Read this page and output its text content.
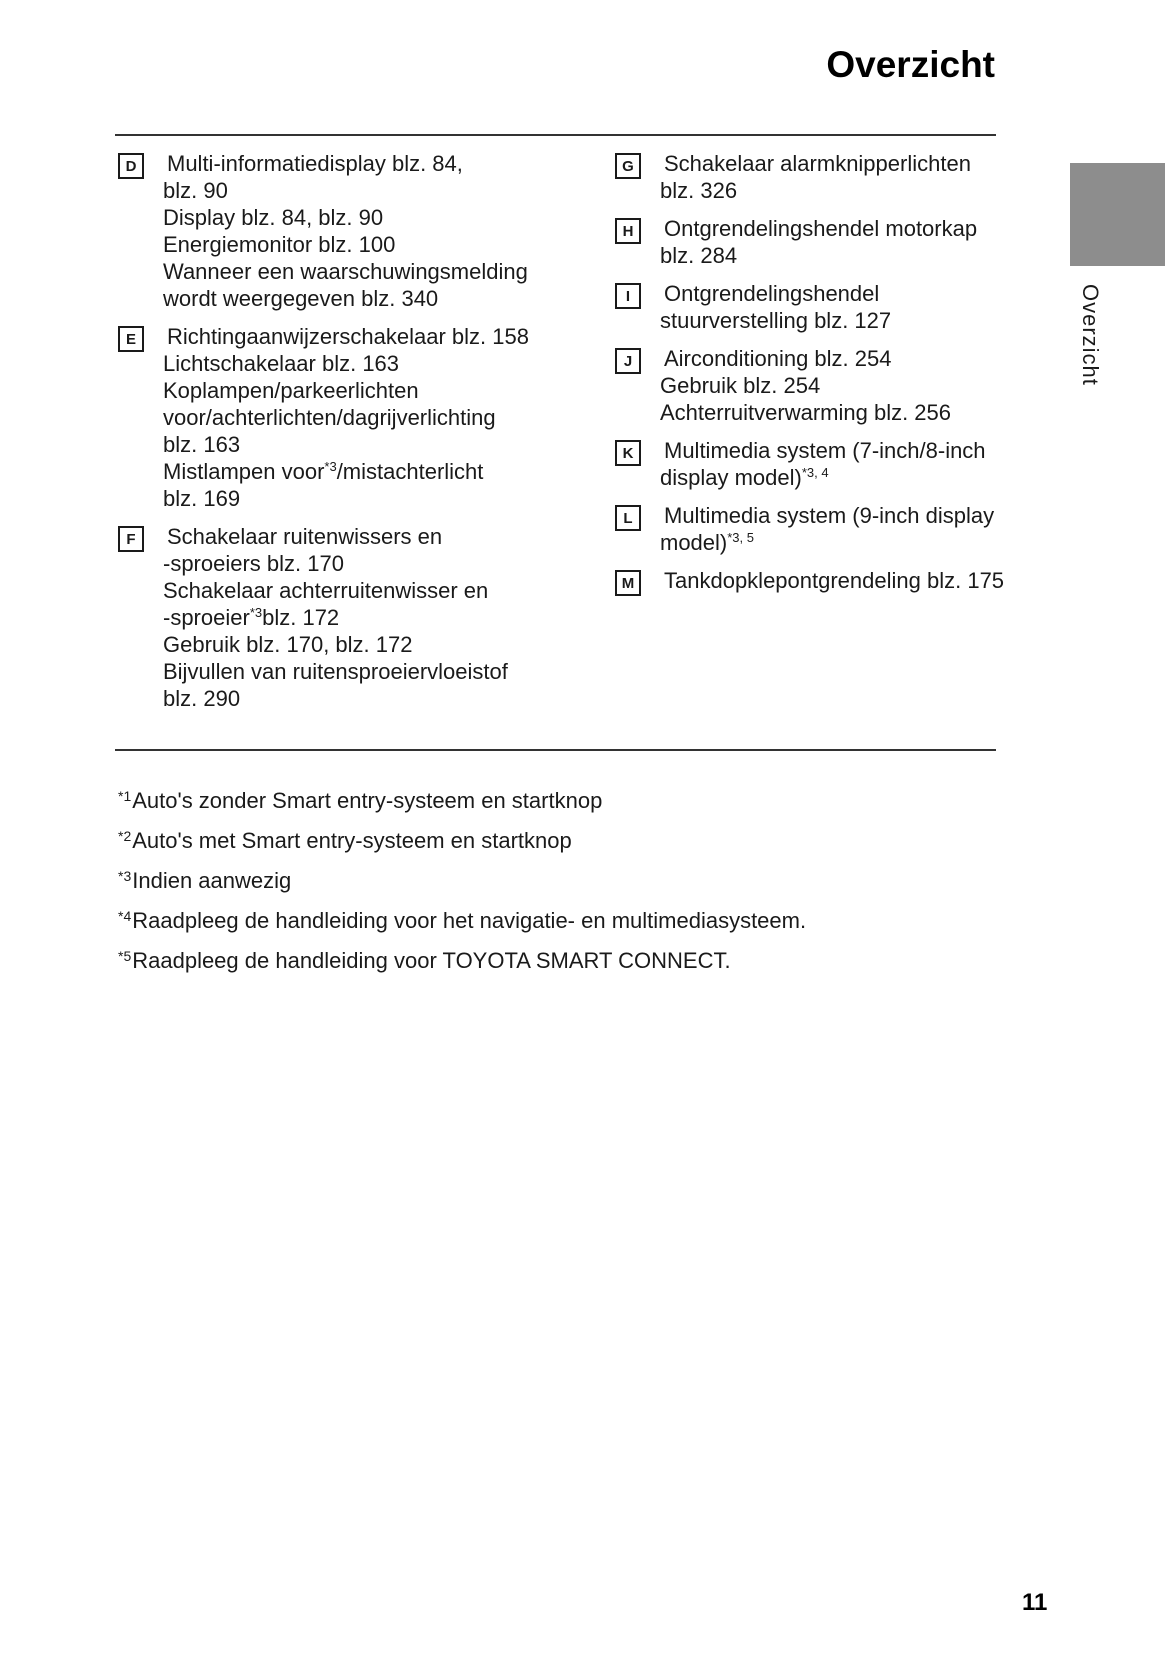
Overzicht
D	Multi-informatiedisplay blz. 84,
blz. 90
Display blz. 84, blz. 90
Energiemonitor blz. 100
Wanneer een waarschuwingsmelding
wordt weergegeven blz. 340
E	Richtingaanwijzerschakelaar blz. 158
Lichtschakelaar blz. 163
Koplampen/parkeerlichten
voor/achterlichten/dagrijverlichting
blz. 163
Mistlampen voor$^{*3}$/mistachterlicht
blz. 169
F	Schakelaar ruitenwissers en
-sproeiers blz. 170
Schakelaar achterruitenwisser en
-sproeier$^{*3}$blz. 172
Gebruik blz. 170, blz. 172
Bijvullen van ruitensproeiervloeistof
blz. 290
G	Schakelaar alarmknipperlichten
blz. 326
H	Ontgrendelingshendel motorkap
blz. 284
I	Ontgrendelingshendel
stuurverstelling blz. 127
J	Airconditioning blz. 254
Gebruik blz. 254
Achterruitverwarming blz. 256
K	Multimedia system (7-inch/8-inch
display model)$^{*3, 4}$
L	Multimedia system (9-inch display
model)$^{*3, 5}$
M	Tankdopklepontgrendeling blz. 175
$^{*1}$Auto's zonder Smart entry-systeem en startknop
$^{*2}$Auto's met Smart entry-systeem en startknop
$^{*3}$Indien aanwezig
$^{*4}$Raadpleeg de handleiding voor het navigatie- en multimediasysteem.
$^{*5}$Raadpleeg de handleiding voor TOYOTA SMART CONNECT.
Overzicht
11
